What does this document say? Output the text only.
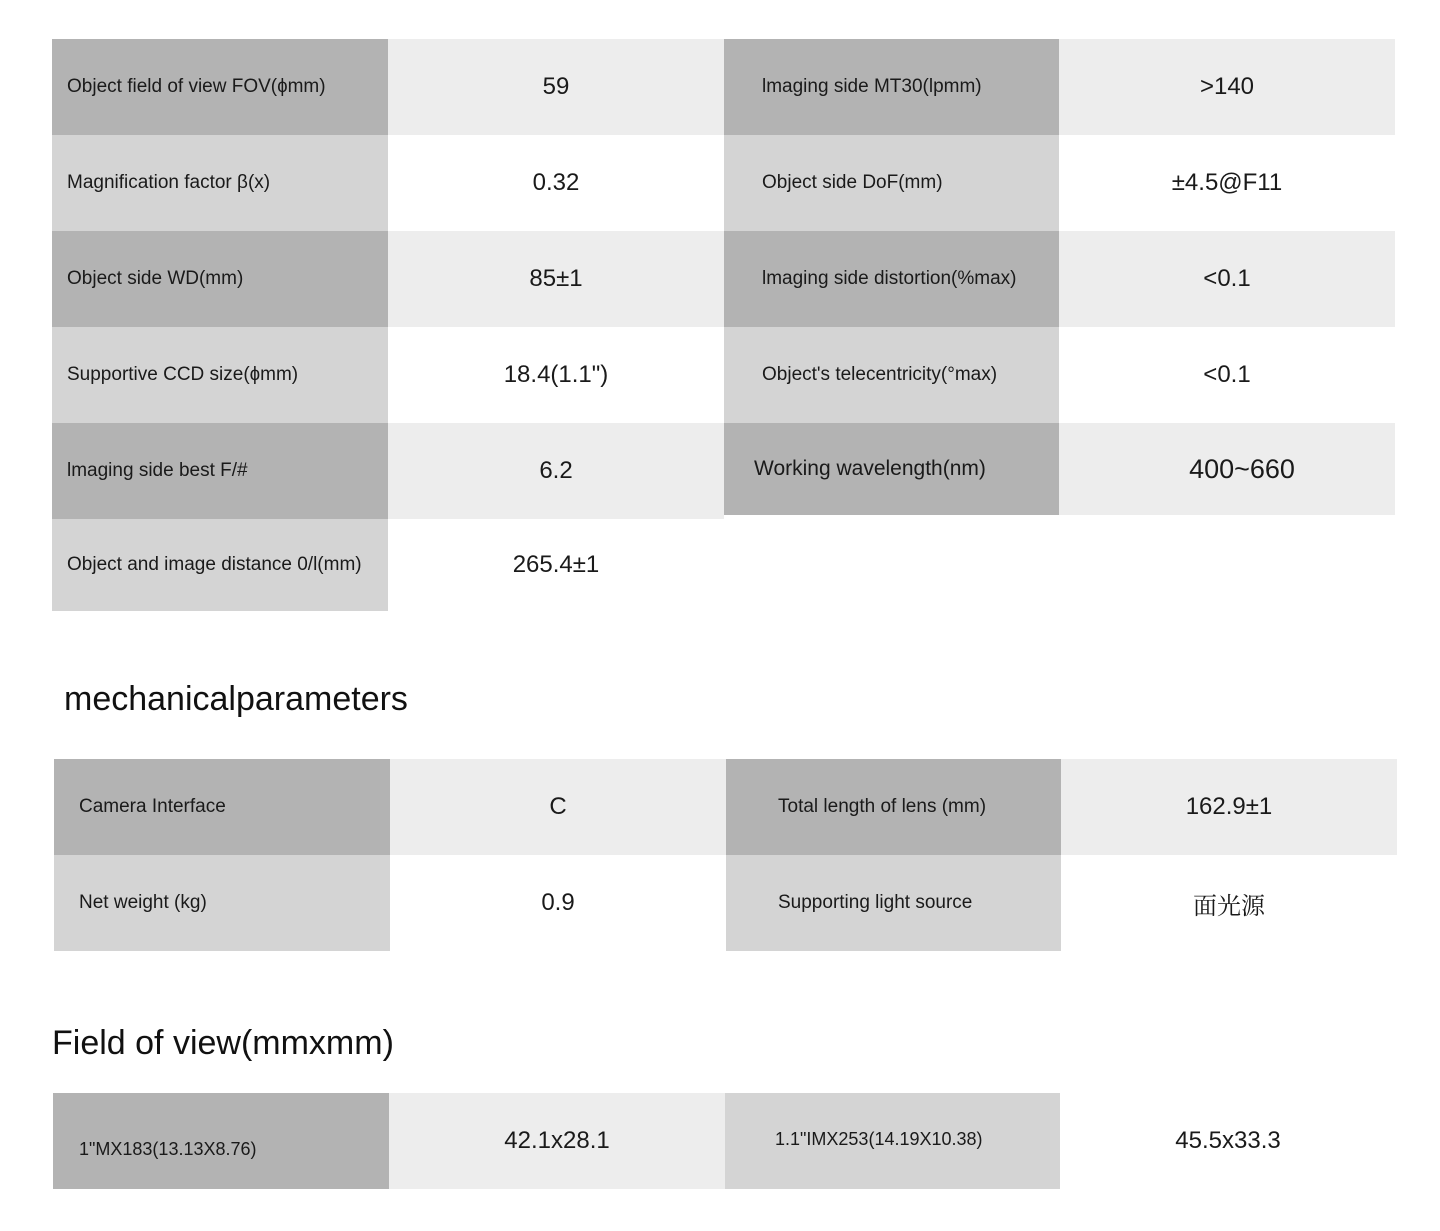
Object field of view FOV(ɸmm)	59	lmaging side MT30(lpmm)	>140
Magnification factor β(x)	0.32	Object side DoF(mm)	±4.5@F11
Object side WD(mm)	85±1	lmaging side distortion(%max)	<0.1
Supportive CCD size(ɸmm)	18.4(1.1")	Object's telecentricity(°max)	<0.1
lmaging side best F/#	6.2	Working wavelength(nm)	400~660
Object and image distance 0/l(mm)	265.4±1
mechanicalparameters
Camera Interface	C	Total length of lens (mm)	162.9±1
Net weight (kg)	0.9	Supporting light source	面光源
Field of view(mmxmm)
1"MX183(13.13X8.76)	42.1x28.1	1.1"IMX253(14.19X10.38)	45.5x33.3
